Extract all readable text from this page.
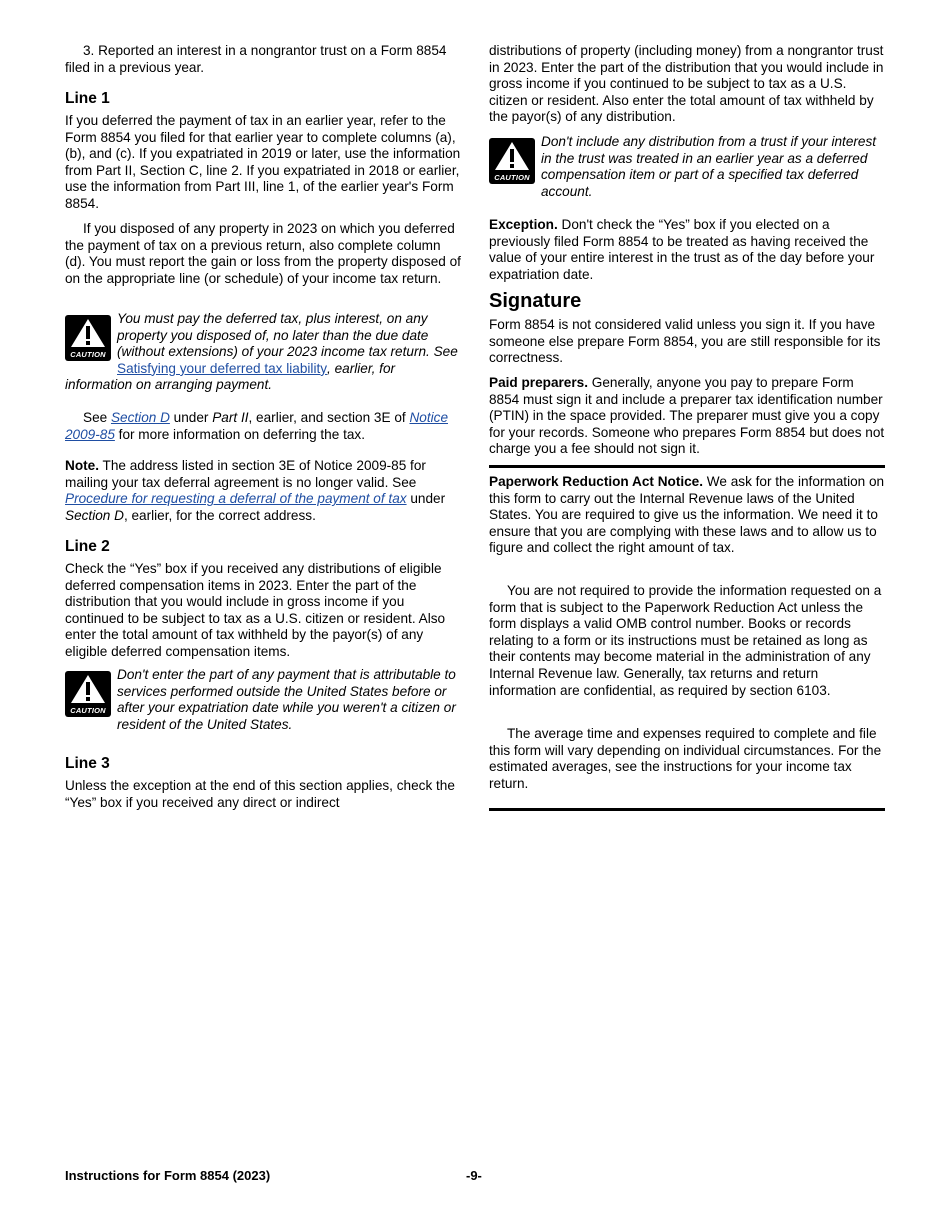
3. Reported an interest in a nongrantor trust on a Form 8854 filed in a previous year.

Line 1

If you deferred the payment of tax in an earlier year, refer to the Form 8854 you filed for that earlier year to complete columns (a), (b), and (c). If you expatriated in 2019 or later, use the information from Part II, Section C, line 2. If you expatriated in 2018 or earlier, use the information from Part III, line 1, of the earlier year's Form 8854.

If you disposed of any property in 2023 on which you deferred the payment of tax on a previous return, also complete column (d). You must report the gain or loss from the property disposed of on the appropriate line (or schedule) of your income tax return.

CAUTION
You must pay the deferred tax, plus interest, on any property you disposed of, no later than the due date (without extensions) of your 2023 income tax return. See Satisfying your deferred tax liability, earlier, for information on arranging payment.

See Section D under Part II, earlier, and section 3E of Notice 2009-85 for more information on deferring the tax.

Note. The address listed in section 3E of Notice 2009-85 for mailing your tax deferral agreement is no longer valid. See Procedure for requesting a deferral of the payment of tax under Section D, earlier, for the correct address.

Line 2

Check the “Yes” box if you received any distributions of eligible deferred compensation items in 2023. Enter the part of the distribution that you would include in gross income if you continued to be subject to tax as a U.S. citizen or resident. Also enter the total amount of tax withheld by the payor(s) of any eligible deferred compensation items.

CAUTION
Don't enter the part of any payment that is attributable to services performed outside the United States before or after your expatriation date while you weren't a citizen or resident of the United States.
Line 3

Unless the exception at the end of this section applies, check the “Yes” box if you received any direct or indirect

distributions of property (including money) from a nongrantor trust in 2023. Enter the part of the distribution that you would include in gross income if you continued to be subject to tax as a U.S. citizen or resident. Also enter the total amount of tax withheld by the payor(s) of any distribution.

CAUTION
Don't include any distribution from a trust if your interest in the trust was treated in an earlier year as a deferred compensation item or part of a specified tax deferred account.

Exception. Don't check the “Yes” box if you elected on a previously filed Form 8854 to be treated as having received the value of your entire interest in the trust as of the day before your expatriation date.

Signature

Form 8854 is not considered valid unless you sign it. If you have someone else prepare Form 8854, you are still responsible for its correctness.

Paid preparers. Generally, anyone you pay to prepare Form 8854 must sign it and include a preparer tax identification number (PTIN) in the space provided. The preparer must give you a copy for your records. Someone who prepares Form 8854 but does not charge you a fee should not sign it.

Paperwork Reduction Act Notice. We ask for the information on this form to carry out the Internal Revenue laws of the United States. You are required to give us the information. We need it to ensure that you are complying with these laws and to allow us to figure and collect the right amount of tax.

You are not required to provide the information requested on a form that is subject to the Paperwork Reduction Act unless the form displays a valid OMB control number. Books or records relating to a form or its instructions must be retained as long as their contents may become material in the administration of any Internal Revenue law. Generally, tax returns and return information are confidential, as required by section 6103.

The average time and expenses required to complete and file this form will vary depending on individual circumstances. For the estimated averages, see the instructions for your income tax return.

Instructions for Form 8854 (2023)	-9-
